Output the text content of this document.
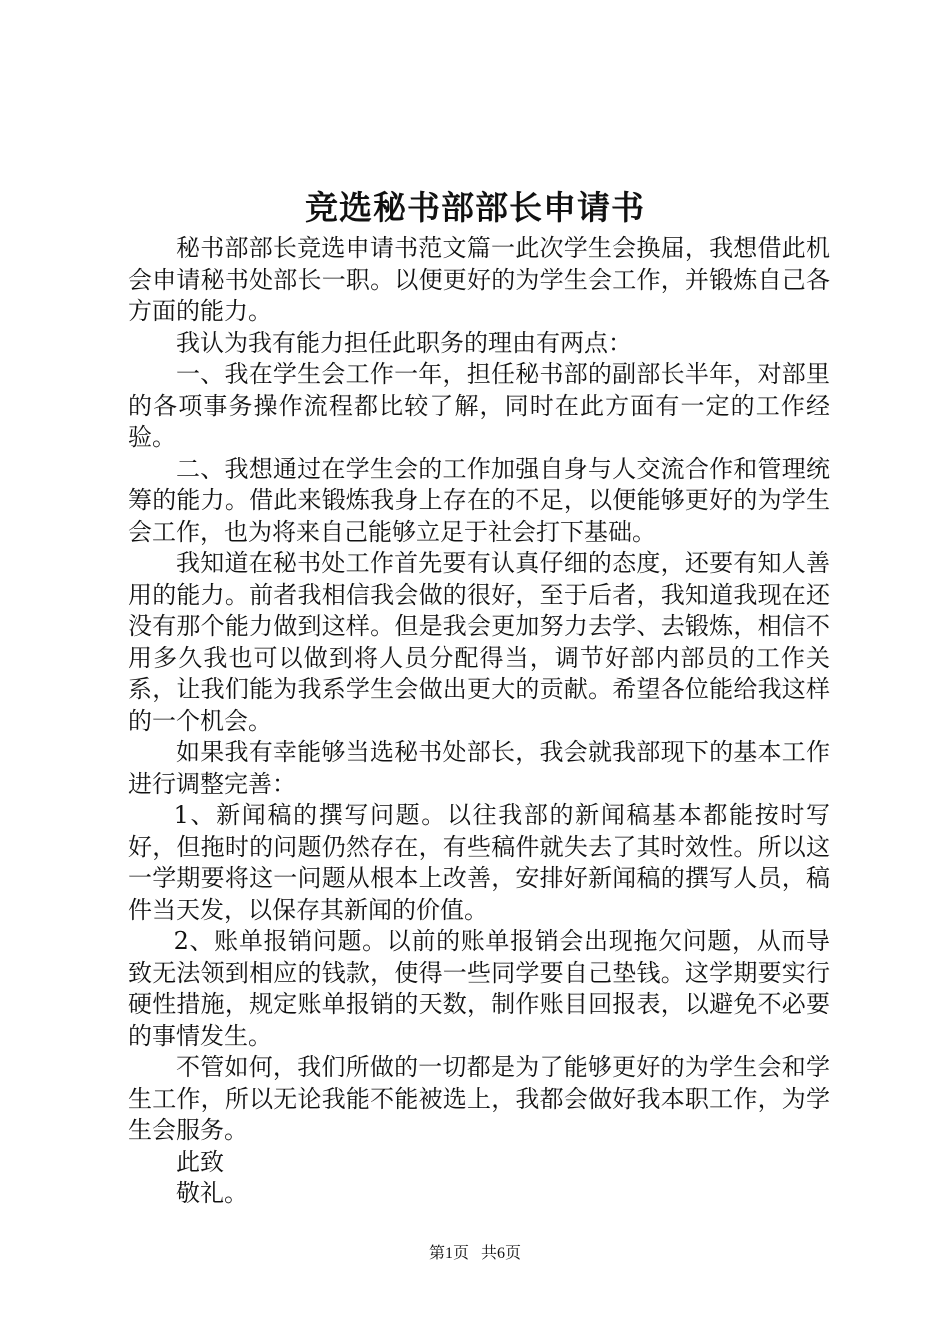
竞选秘书部部长申请书

秘书部部长竞选申请书范文篇一此次学生会换届，我想借此机会申请秘书处部长一职。以便更好的为学生会工作，并锻炼自己各方面的能力。

我认为我有能力担任此职务的理由有两点：

一、我在学生会工作一年，担任秘书部的副部长半年，对部里的各项事务操作流程都比较了解，同时在此方面有一定的工作经验。

二、我想通过在学生会的工作加强自身与人交流合作和管理统筹的能力。借此来锻炼我身上存在的不足，以便能够更好的为学生会工作，也为将来自己能够立足于社会打下基础。

我知道在秘书处工作首先要有认真仔细的态度，还要有知人善用的能力。前者我相信我会做的很好，至于后者，我知道我现在还没有那个能力做到这样。但是我会更加努力去学、去锻炼，相信不用多久我也可以做到将人员分配得当，调节好部内部员的工作关系，让我们能为我系学生会做出更大的贡献。希望各位能给我这样的一个机会。

如果我有幸能够当选秘书处部长，我会就我部现下的基本工作进行调整完善：

1、新闻稿的撰写问题。以往我部的新闻稿基本都能按时写好，但拖时的问题仍然存在，有些稿件就失去了其时效性。所以这一学期要将这一问题从根本上改善，安排好新闻稿的撰写人员，稿件当天发，以保存其新闻的价值。

2、账单报销问题。以前的账单报销会出现拖欠问题，从而导致无法领到相应的钱款，使得一些同学要自己垫钱。这学期要实行硬性措施，规定账单报销的天数，制作账目回报表，以避免不必要的事情发生。

不管如何，我们所做的一切都是为了能够更好的为学生会和学生工作，所以无论我能不能被选上，我都会做好我本职工作，为学生会服务。

此致

敬礼。

第1页 共6页
